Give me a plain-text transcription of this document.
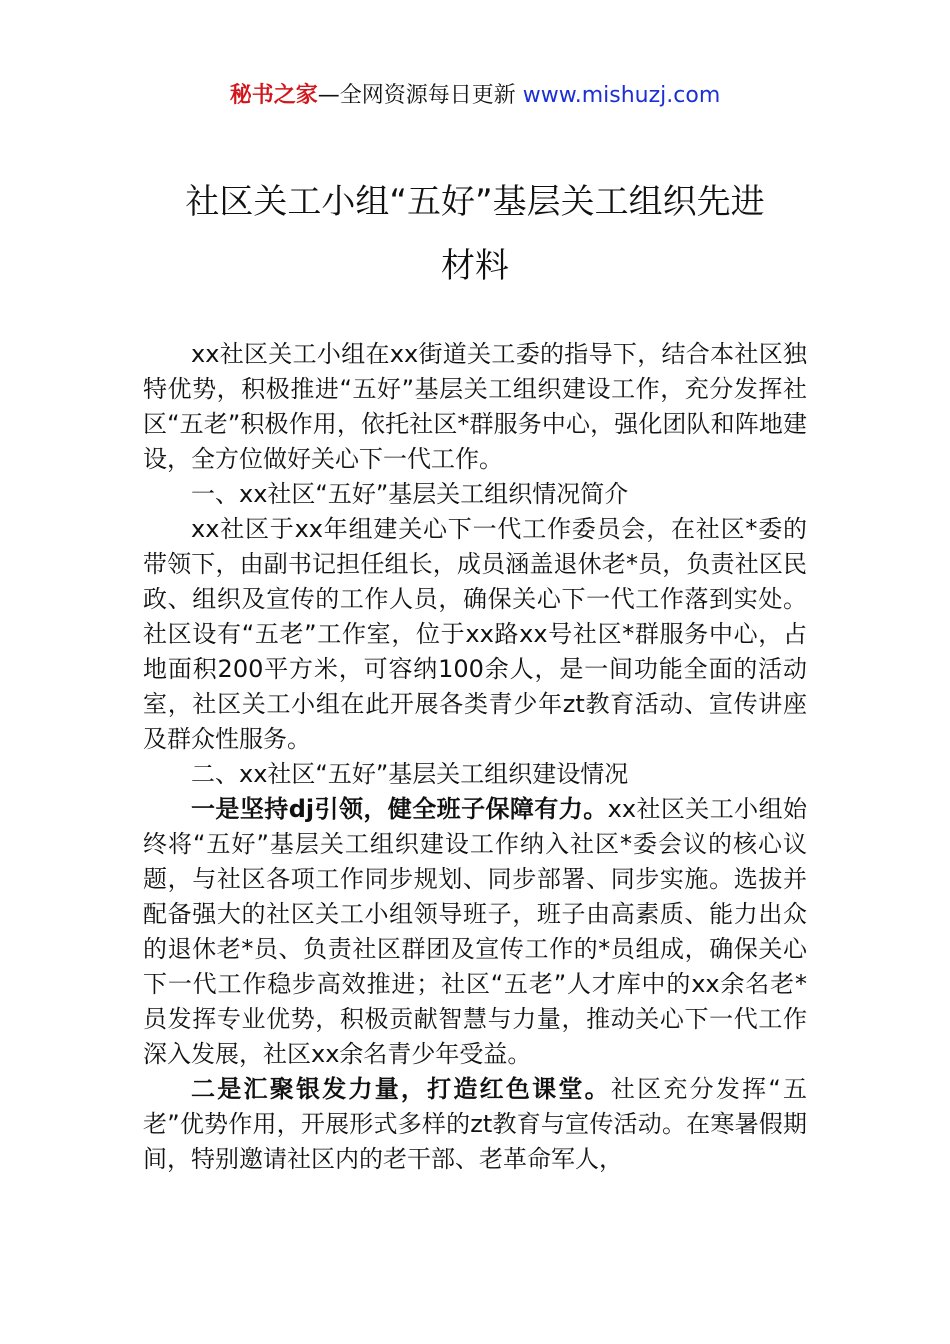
秘书之家—全网资源每日更新 www.mishuzj.com
社区关工小组“五好”基层关工组织先进
材料

xx社区关工小组在xx街道关工委的指导下，结合本社区独特优势，积极推进“五好”基层关工组织建设工作，充分发挥社区“五老”积极作用，依托社区*群服务中心，强化团队和阵地建设，全方位做好关心下一代工作。

一、xx社区“五好”基层关工组织情况简介

xx社区于xx年组建关心下一代工作委员会，在社区*委的带领下，由副书记担任组长，成员涵盖退休老*员，负责社区民政、组织及宣传的工作人员，确保关心下一代工作落到实处。社区设有“五老”工作室，位于xx路xx号社区*群服务中心，占地面积200平方米，可容纳100余人，是一间功能全面的活动室，社区关工小组在此开展各类青少年zt教育活动、宣传讲座及群众性服务。

二、xx社区“五好”基层关工组织建设情况

一是坚持dj引领，健全班子保障有力。xx社区关工小组始终将“五好”基层关工组织建设工作纳入社区*委会议的核心议题，与社区各项工作同步规划、同步部署、同步实施。选拔并配备强大的社区关工小组领导班子，班子由高素质、能力出众的退休老*员、负责社区群团及宣传工作的*员组成，确保关心下一代工作稳步高效推进；社区“五老”人才库中的xx余名老*员发挥专业优势，积极贡献智慧与力量，推动关心下一代工作深入发展，社区xx余名青少年受益。

二是汇聚银发力量，打造红色课堂。社区充分发挥“五老”优势作用，开展形式多样的zt教育与宣传活动。在寒暑假期间，特别邀请社区内的老干部、老革命军人，
